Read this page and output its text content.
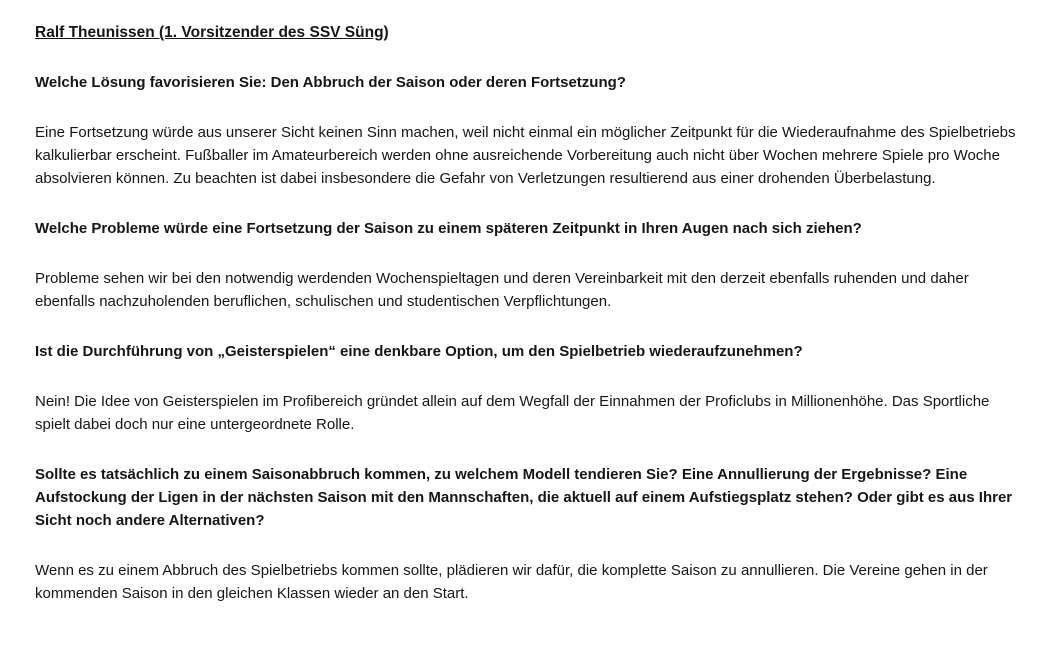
Ralf Theunissen (1. Vorsitzender des SSV Süng)

Welche Lösung favorisieren Sie: Den Abbruch der Saison oder deren Fortsetzung?

Eine Fortsetzung würde aus unserer Sicht keinen Sinn machen, weil nicht einmal ein möglicher Zeitpunkt für die Wiederaufnahme des Spielbetriebs kalkulierbar erscheint. Fußballer im Amateurbereich werden ohne ausreichende Vorbereitung auch nicht über Wochen mehrere Spiele pro Woche absolvieren können. Zu beachten ist dabei insbesondere die Gefahr von Verletzungen resultierend aus einer drohenden Überbelastung.

Welche Probleme würde eine Fortsetzung der Saison zu einem späteren Zeitpunkt in Ihren Augen nach sich ziehen?

Probleme sehen wir bei den notwendig werdenden Wochenspieltagen und deren Vereinbarkeit mit den derzeit ebenfalls ruhenden und daher ebenfalls nachzuholenden beruflichen, schulischen und studentischen Verpflichtungen.

Ist die Durchführung von „Geisterspielen“ eine denkbare Option, um den Spielbetrieb wiederaufzunehmen?

Nein! Die Idee von Geisterspielen im Profibereich gründet allein auf dem Wegfall der Einnahmen der Proficlubs in Millionenhöhe. Das Sportliche spielt dabei doch nur eine untergeordnete Rolle.

Sollte es tatsächlich zu einem Saisonabbruch kommen, zu welchem Modell tendieren Sie? Eine Annullierung der Ergebnisse? Eine Aufstockung der Ligen in der nächsten Saison mit den Mannschaften, die aktuell auf einem Aufstiegsplatz stehen? Oder gibt es aus Ihrer Sicht noch andere Alternativen?

Wenn es zu einem Abbruch des Spielbetriebs kommen sollte, plädieren wir dafür, die komplette Saison zu annullieren. Die Vereine gehen in der kommenden Saison in den gleichen Klassen wieder an den Start.
